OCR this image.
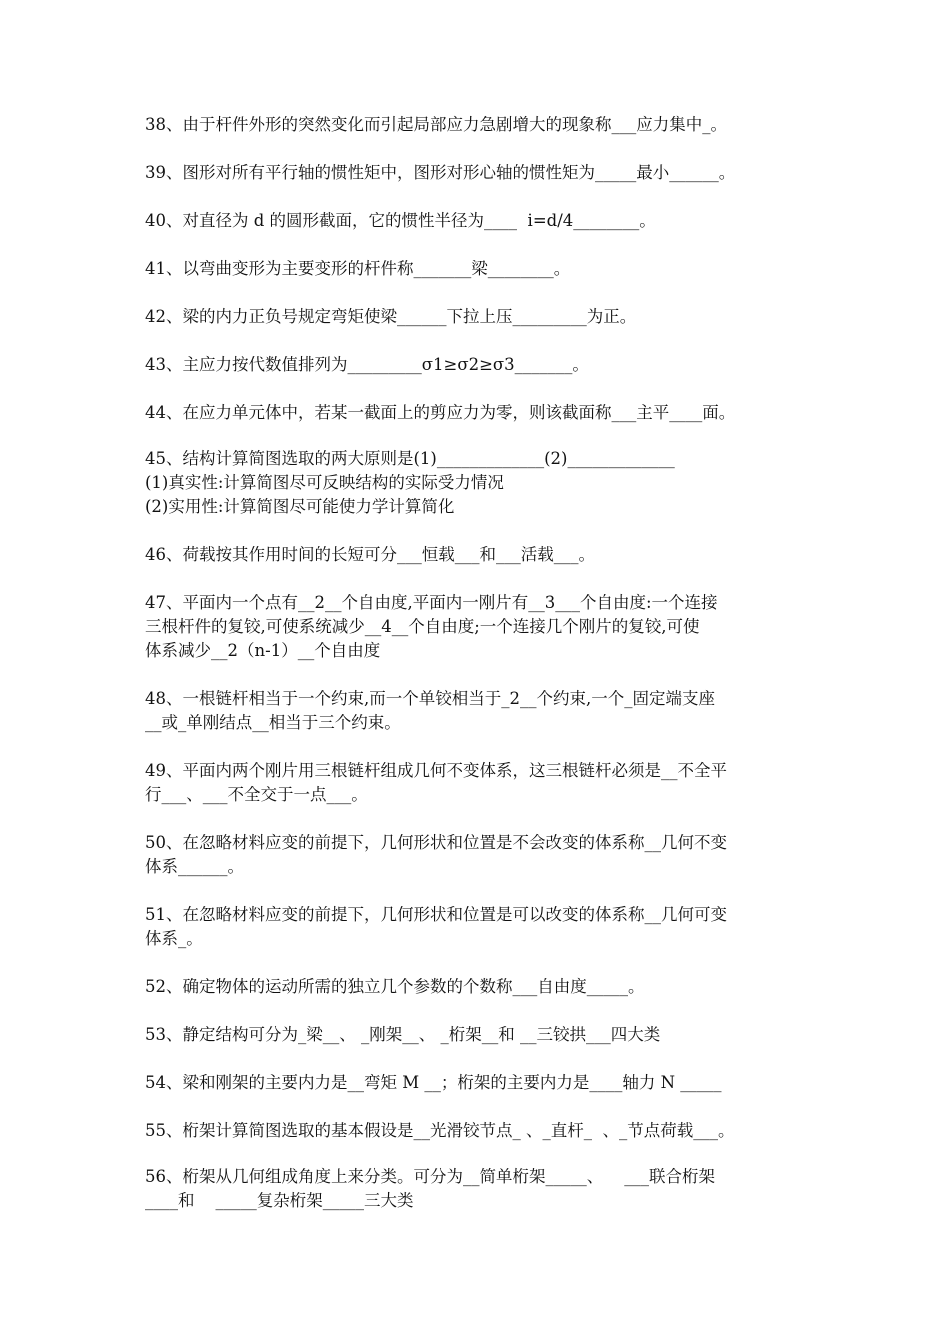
38、由于杆件外形的突然变化而引起局部应力急剧增大的现象称___应力集中_。
39、图形对所有平行轴的惯性矩中，图形对形心轴的惯性矩为_____最小______。
40、对直径为 d 的圆形截面，它的惯性半径为____  i=d/4________。
41、以弯曲变形为主要变形的杆件称_______梁________。
42、梁的内力正负号规定弯矩使梁______下拉上压_________为正。
43、主应力按代数值排列为_________σ1≥σ2≥σ3_______。
44、在应力单元体中，若某一截面上的剪应力为零，则该截面称___主平____面。
45、结构计算简图选取的两大原则是(1)_____________(2)_____________
(1)真实性:计算简图尽可反映结构的实际受力情况
(2)实用性:计算简图尽可能使力学计算简化
46、荷载按其作用时间的长短可分___恒载___和___活载___。
47、平面内一个点有__2__个自由度,平面内一刚片有__3___个自由度:一个连接
三根杆件的复铰,可使系统减少__4__个自由度;一个连接几个刚片的复铰,可使
体系减少__2（n-1）__个自由度
48、一根链杆相当于一个约束,而一个单铰相当于_2__个约束,一个_固定端支座
__或_单刚结点__相当于三个约束。
49、平面内两个刚片用三根链杆组成几何不变体系，这三根链杆必须是__不全平
行___、___不全交于一点___。
50、在忽略材料应变的前提下，几何形状和位置是不会改变的体系称__几何不变
体系______。
51、在忽略材料应变的前提下，几何形状和位置是可以改变的体系称__几何可变
体系_。
52、确定物体的运动所需的独立几个参数的个数称___自由度_____。
53、静定结构可分为_梁__、 _刚架__、 _桁架__和 __三铰拱___四大类
54、梁和刚架的主要内力是__弯矩 M __；桁架的主要内力是____轴力 N _____
55、桁架计算简图选取的基本假设是__光滑铰节点_ 、_直杆_  、_节点荷载___。
56、桁架从几何组成角度上来分类。可分为__简单桁架_____、    ___联合桁架
____和    _____复杂桁架_____三大类
